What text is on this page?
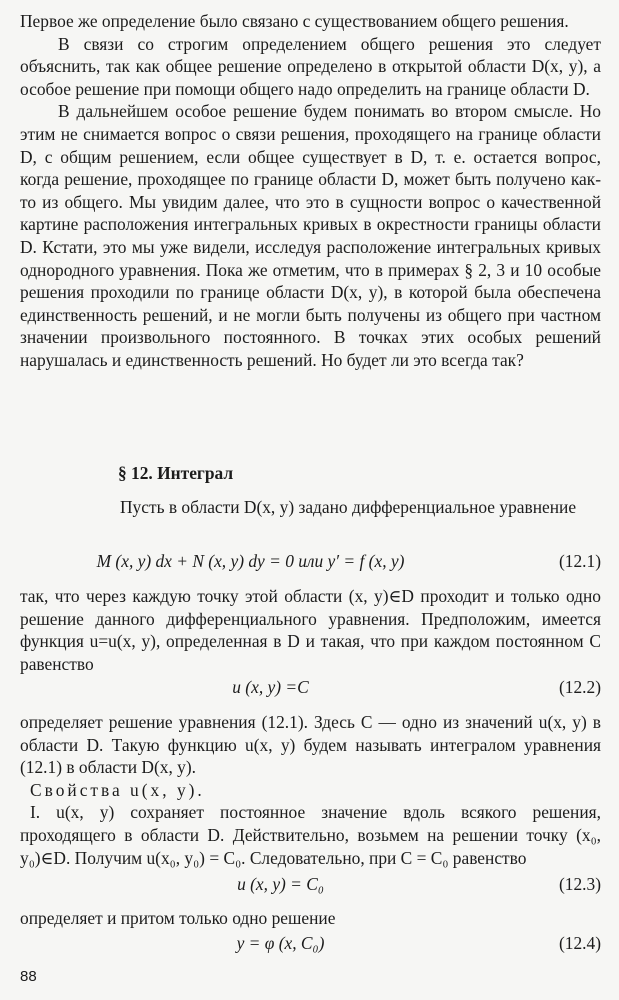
Первое же определение было связано с существованием общего решения.

В связи со строгим определением общего решения это следует объяснить, так как общее решение определено в открытой области D(x, y), а особое решение при помощи общего надо определить на границе области D.

В дальнейшем особое решение будем понимать во втором смысле. Но этим не снимается вопрос о связи решения, проходящего на границе области D, с общим решением, если общее существует в D, т. е. остается вопрос, когда решение, проходящее по границе области D, может быть получено как-то из общего. Мы увидим далее, что это в сущности вопрос о качественной картине расположения интегральных кривых в окрестности границы области D. Кстати, это мы уже видели, исследуя расположение интегральных кривых однородного уравнения. Пока же отметим, что в примерах § 2, 3 и 10 особые решения проходили по границе области D(x, y), в которой была обеспечена единственность решений, и не могли быть получены из общего при частном значении произвольного постоянного. В точках этих особых решений нарушалась и единственность решений. Но будет ли это всегда так?

§ 12. Интеграл

Пусть в области D(x, y) задано дифференциальное уравнение

M (x, y) dx + N (x, y) dy = 0 или y′ = f (x, y)	(12.1)

так, что через каждую точку этой области (x, y)∈D проходит и только одно решение данного дифференциального уравнения. Предположим, имеется функция u=u(x, y), определенная в D и такая, что при каждом постоянном C равенство

u (x, y) =C	(12.2)

определяет решение уравнения (12.1). Здесь C — одно из значений u(x, y) в области D. Такую функцию u(x, y) будем называть интегралом уравнения (12.1) в области D(x, y).

Свойства u(x, y).

I. u(x, y) сохраняет постоянное значение вдоль всякого решения, проходящего в области D. Действительно, возьмем на решении точку (x₀, y₀)∈D. Получим u(x₀, y₀) = C₀. Следовательно, при C = C₀ равенство

u (x, y) = C₀	(12.3)

определяет и притом только одно решение

y = φ (x, C₀)	(12.4)
88
